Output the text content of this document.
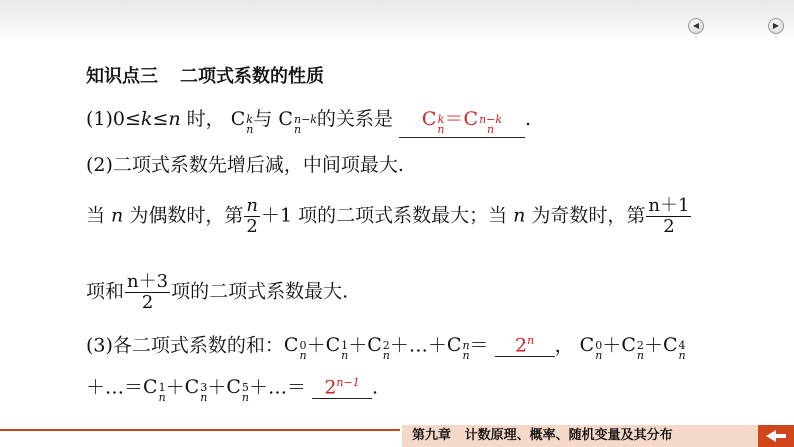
◀	▶
知识点三 二项式系数的性质
(1)0≤k≤n 时， C k
n 与 C n−k
n 的关系是 C k
n ＝ C n−k
n	.
(2)二项式系数先增后减，中间项最大.
当 n 为偶数时，第 $\frac{n}{2} +1$ 项的二项式系数最大；当 n 为奇数时，第 $\frac{n+1}{2}$
项和 $\frac{n+3}{2}$ 项的二项式系数最大.
(3)各二项式系数的和： C 0
n ＋ C 1
n ＋ C 2
n ＋…＋ C n
$n = 2^n$ ， C 0
n ＋ C 2
n ＋ C 4
n
＋…＝ C 1
n ＋ C 3
n ＋ C 5
n ＋…＝ $2^{n-1}$ .
第九章 计数原理、概率、随机变量及其分布
